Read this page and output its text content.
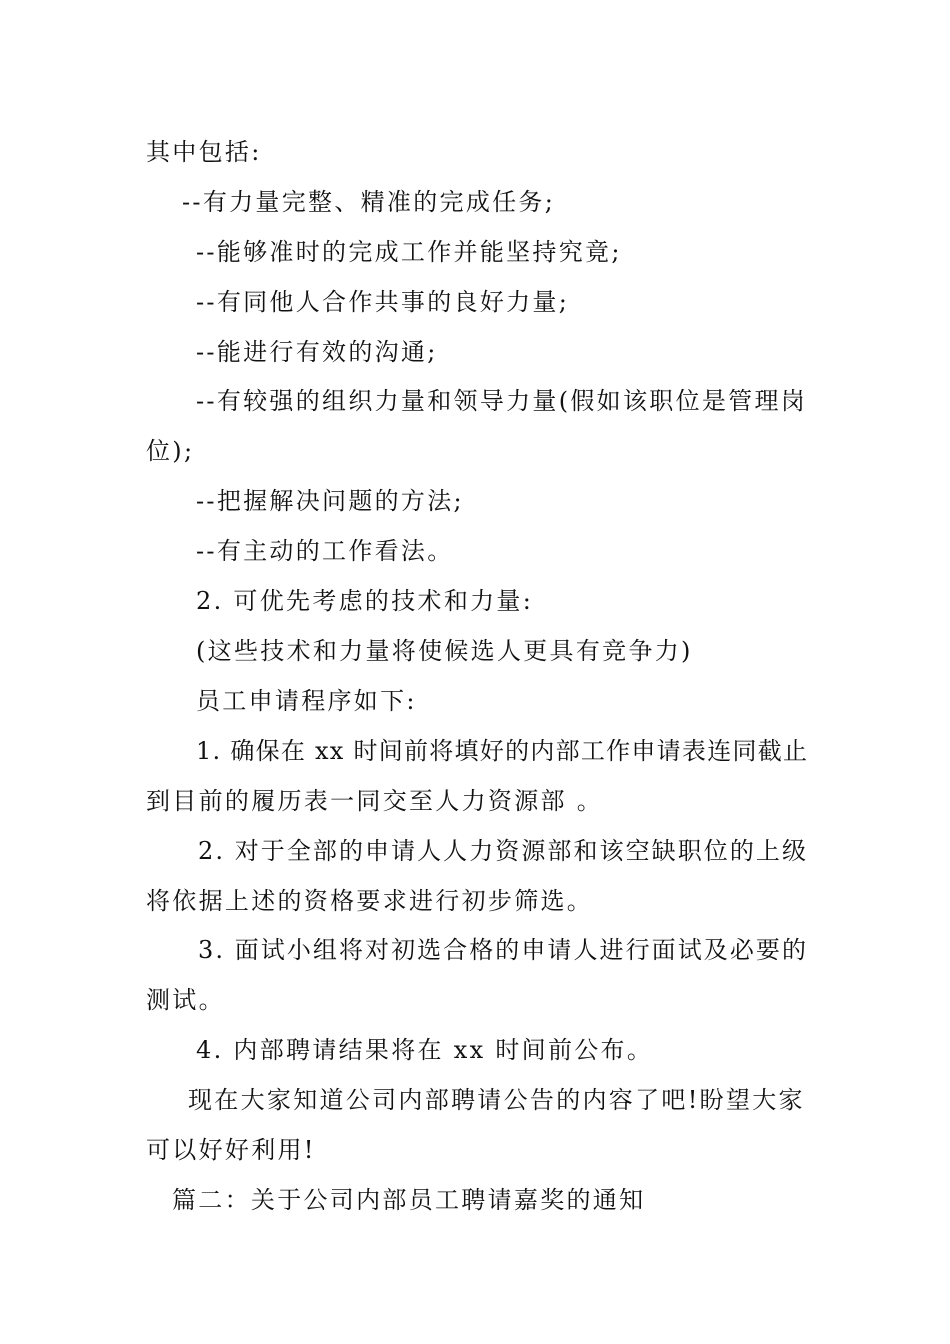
其中包括:
--有力量完整、精准的完成任务;
--能够准时的完成工作并能坚持究竟;
--有同他人合作共事的良好力量;
--能进行有效的沟通;
--有较强的组织力量和领导力量(假如该职位是管理岗
位);
--把握解决问题的方法;
--有主动的工作看法。
2. 可优先考虑的技术和力量:
(这些技术和力量将使候选人更具有竞争力)
员工申请程序如下:
1. 确保在 xx 时间前将填好的内部工作申请表连同截止
到目前的履历表一同交至人力资源部 。
2. 对于全部的申请人人力资源部和该空缺职位的上级
将依据上述的资格要求进行初步筛选。
3. 面试小组将对初选合格的申请人进行面试及必要的
测试。
4. 内部聘请结果将在 xx 时间前公布。
现在大家知道公司内部聘请公告的内容了吧!盼望大家
可以好好利用!
篇二：关于公司内部员工聘请嘉奖的通知
